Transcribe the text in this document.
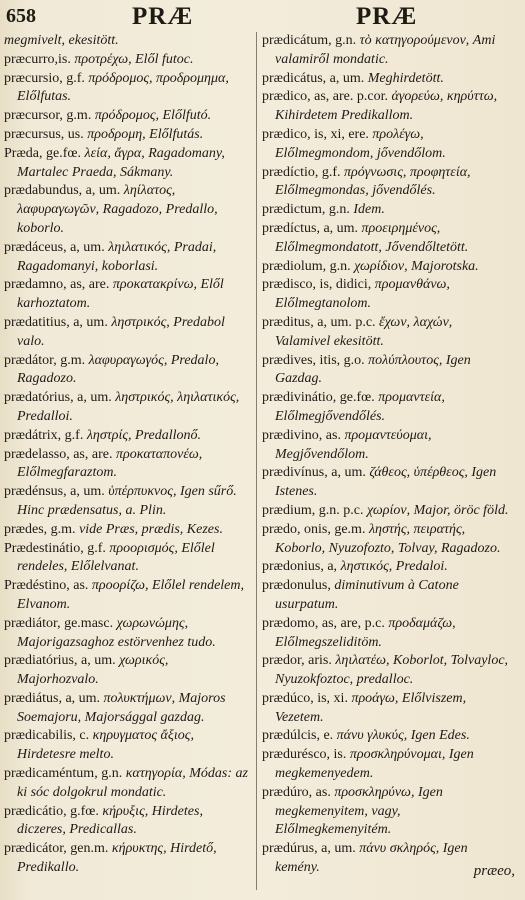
658	PRÆ	PRÆ
megmivelt, ekesitött.
præcurro,is. προτρέχω, Elől futoc.
præcursio, g.f. πρόδρομος, προδρομημα, Előlfutas.
præcursor, g.m. πρόδρομος, Előlfutó.
præcursus, us. προδρομη, Előlfutás.
Præda, ge.fœ. λεία, ἄγρα, Ragadomany, Martalec Praeda, Sákmany.
prædabundus, a, um. ληίλατος, λαφυραγωγῶν, Ragadozo, Predallo, koborlo.
prædáceus, a, um. ληιλατικός, Pradai, Ragadomanyi, koborlasi.
prædamno, as, are. προκατακρίνω, Elől karhoztatom.
prædatitius, a, um. ληστρικός, Predabol valo.
prædátor, g.m. λαφυραγωγός, Predalo, Ragadozo.
prædatórius, a, um. ληστρικός, ληιλατικός, Predalloi.
prædátrix, g.f. ληστρίς, Predallonő.
prædelasso, as, are. προκαταπονέω, Előlmegfaraztom.
prædénsus, a, um. ὑπέρπυκνος, Igen sűrő. Hinc prædensatus, a. Plin.
prædes, g.m. vide Præs, prædis, Kezes.
Prædestinátio, g.f. προορισμός, Előlel rendeles, Előlelvanat.
Prædéstino, as. προορίζω, Előlel rendelem, Elvanom.
prædiátor, ge.masc. χωρωνώμης, Majorigazsaghoz estörvenhez tudo.
prædiatórius, a, um. χωρικός, Majorhozvalo.
prædiátus, a, um. πολυκτήμων, Majoros Soemajoru, Majorsággal gazdag.
prædicabilis, c. κηρυγματος ἄξιος, Hirdetesre melto.
prædicaméntum, g.n. κατηγορία, Módas: az ki sóc dolgokrul mondatic.
prædicátio, g.fœ. κήρυξις, Hirdetes, diczeres, Predicallas.
prædicátor, gen.m. κήρυκτης, Hirdető, Predikallo.
prædicátum, g.n. τὸ κατηγορούμενον, Ami valamiről mondatic.
prædicátus, a, um. Meghirdetött.
prædico, as, are. p.cor. ἀγορεύω, κηρύττω, Kihirdetem Predikallom.
prædico, is, xi, ere. προλέγω, Előlmegmondom, jővendőlom.
prædíctio, g.f. πρόγνωσις, προφητεία, Előlmegmondas, jővendőlés.
prædictum, g.n. Idem.
prædíctus, a, um. προειρημένος, Előlmegmondatott, Jővendőltetött.
prædiolum, g.n. χωρίδιον, Majorotska.
prædisco, is, didici, προμανθάνω, Előlmegtanolom.
præditus, a, um. p.c. ἔχων, λαχών, Valamivel ekesitött.
prædives, itis, g.o. πολύπλουτος, Igen Gazdag.
prædivinátio, ge.fœ. προμαντεία, Előlmegjővendőlés.
prædivino, as. προμαντεύομαι, Megjővendőlom.
prædivínus, a, um. ζάθεος, ὑπέρθεος, Igen Istenes.
prædium, g.n. p.c. χωρίον, Major, öröc föld.
prædo, onis, ge.m. ληστής, πειρατής, Koborlo, Nyuzofozto, Tolvay, Ragadozo.
prædonius, a, ληστικός, Predaloi.
prædonulus, diminutivum à Catone usurpatum.
prædomo, as, are, p.c. προδαμάζω, Előlmegszeliditöm.
prædor, aris. ληιλατέω, Koborlot, Tolvayloc, Nyuzokfoztoc, predalloc.
prædúco, is, xi. προάγω, Előlviszem, Vezetem.
prædúlcis, e. πάνυ γλυκύς, Igen Edes.
prædurésco, is. προσκληρύνομαι, Igen megkemenyedem.
prædúro, as. προσκληρύνω, Igen megkemenyitem, vagy, Előlmegkemenyitém.
prædúrus, a, um. πάνυ σκληρός, Igen kemény.	præeo,
